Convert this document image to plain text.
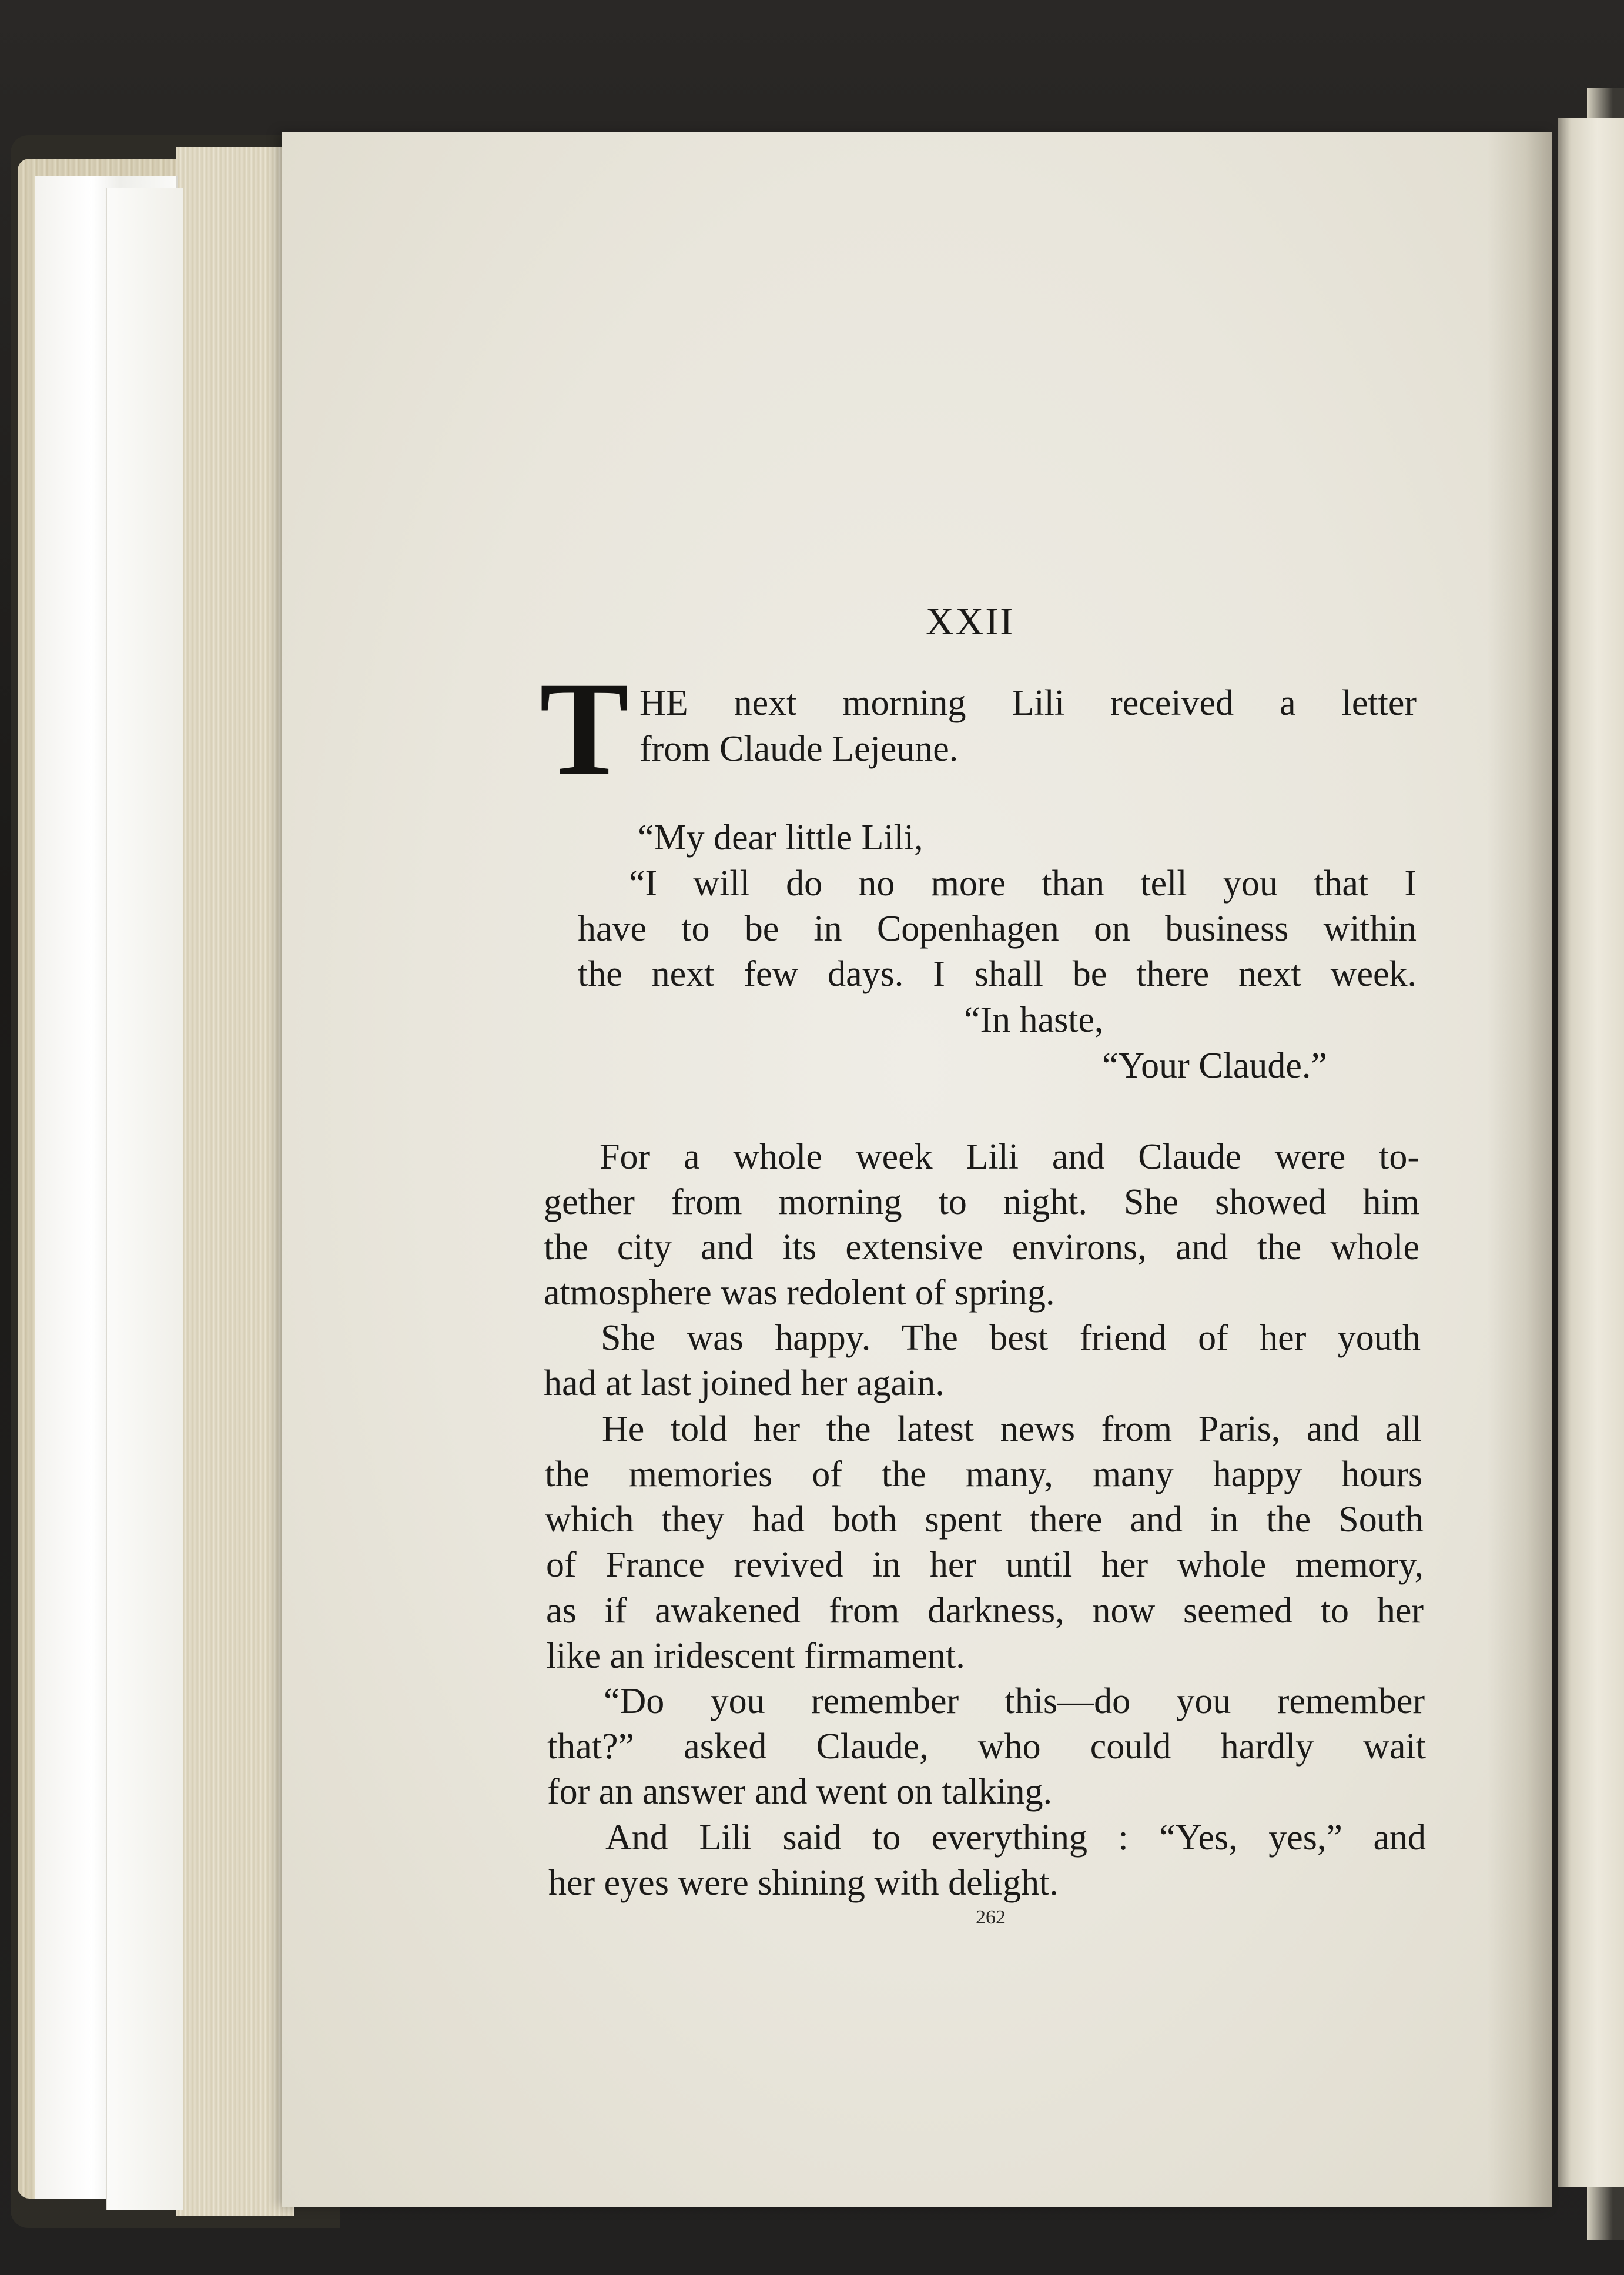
XXII
T HE next morning Lili received a letter
from Claude Lejeune.
“My dear little Lili,
“I will do no more than tell you that I
have to be in Copenhagen on business within
the next few days. I shall be there next week.
“In haste,
“Your Claude.”
For a whole week Lili and Claude were to-
gether from morning to night. She showed him
the city and its extensive environs, and the whole
atmosphere was redolent of spring.
She was happy. The best friend of her youth
had at last joined her again.
He told her the latest news from Paris, and all
the memories of the many, many happy hours
which they had both spent there and in the South
of France revived in her until her whole memory,
as if awakened from darkness, now seemed to her
like an iridescent firmament.
“Do you remember this—do you remember
that?” asked Claude, who could hardly wait
for an answer and went on talking.
And Lili said to everything : “Yes, yes,” and
her eyes were shining with delight.
262
